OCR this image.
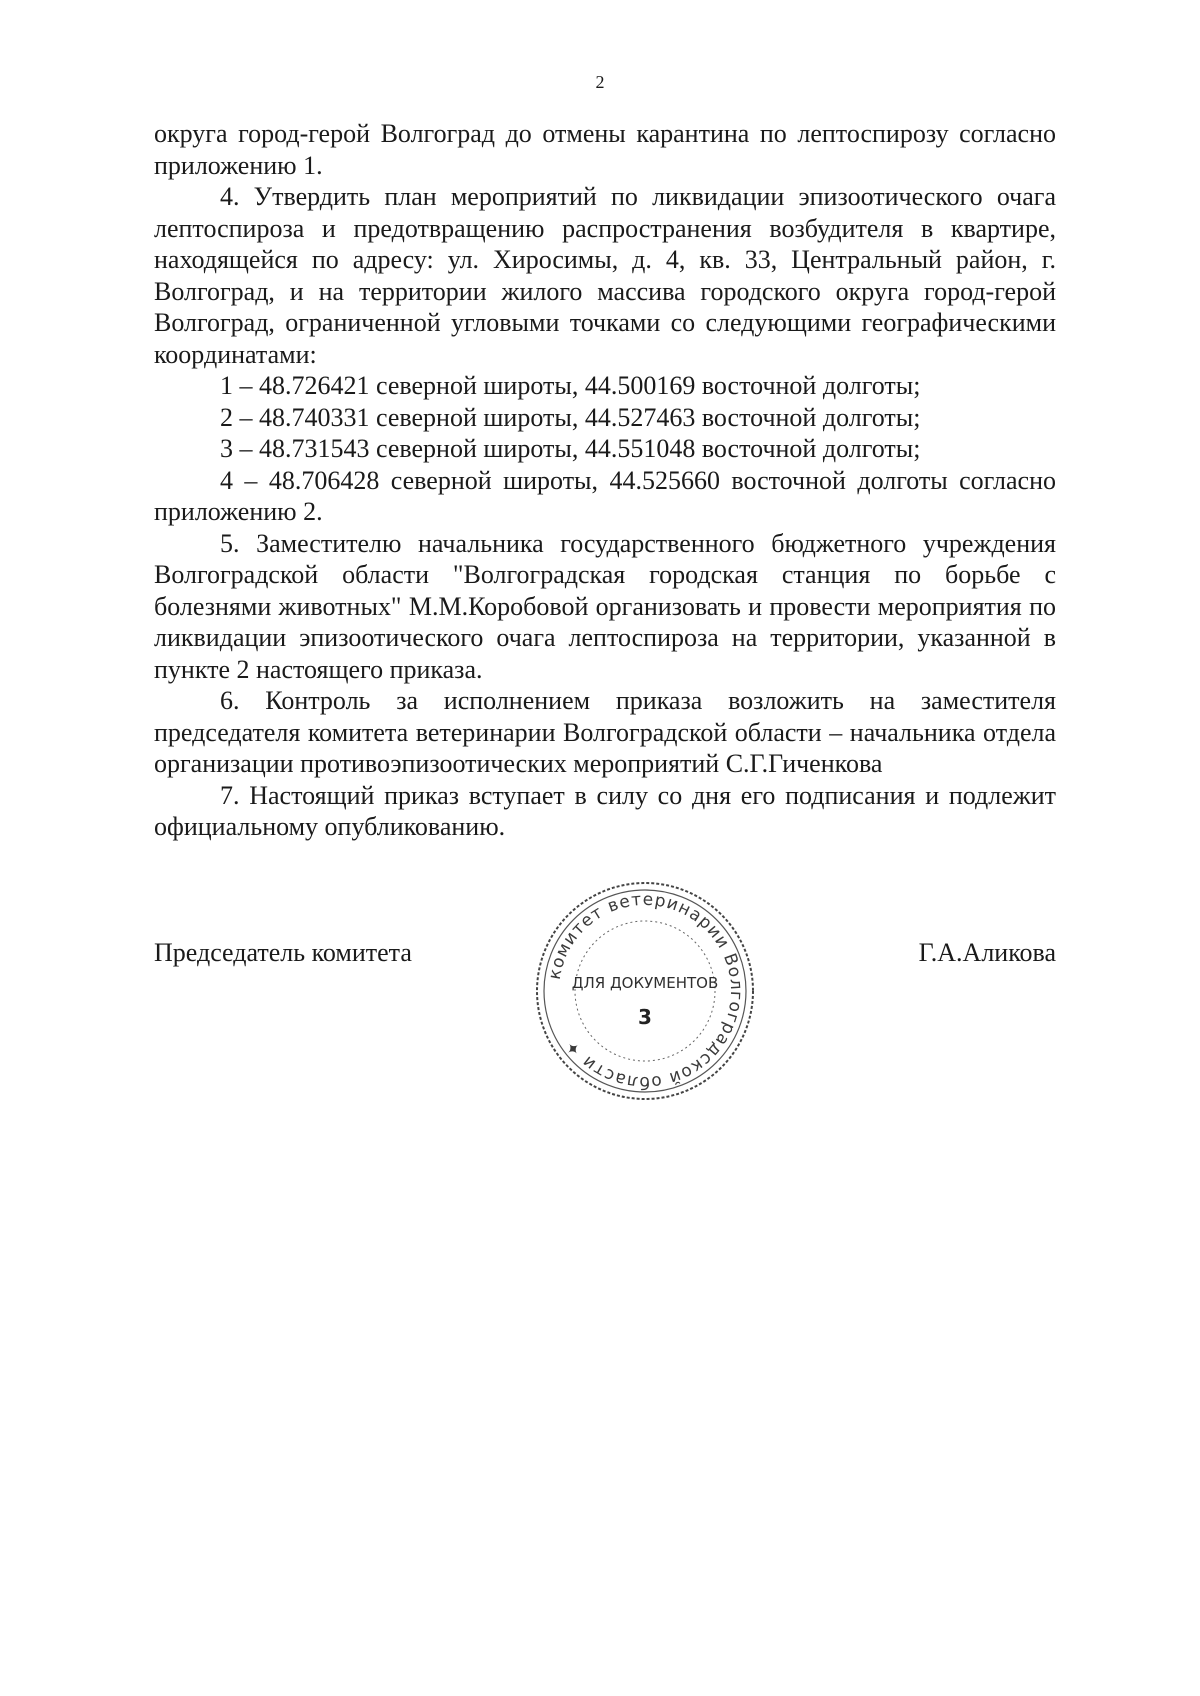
2

округа город-герой Волгоград до отмены карантина по лептоспирозу согласно приложению 1.

4. Утвердить план мероприятий по ликвидации эпизоотического очага лептоспироза и предотвращению распространения возбудителя в квартире, находящейся по адресу: ул. Хиросимы, д. 4, кв. 33, Центральный район, г. Волгоград, и на территории жилого массива городского округа город-герой Волгоград, ограниченной угловыми точками со следующими географическими координатами:

1 – 48.726421 северной широты, 44.500169 восточной долготы;

2 – 48.740331 северной широты, 44.527463 восточной долготы;

3 – 48.731543 северной широты, 44.551048 восточной долготы;

4 – 48.706428 северной широты, 44.525660 восточной долготы согласно приложению 2.

5. Заместителю начальника государственного бюджетного учреждения Волгоградской области "Волгоградская городская станция по борьбе с болезнями животных" М.М.Коробовой организовать и провести мероприятия по ликвидации эпизоотического очага лептоспироза на территории, указанной в пункте 2 настоящего приказа.

6. Контроль за исполнением приказа возложить на заместителя председателя комитета ветеринарии Волгоградской области – начальника отдела организации противоэпизоотических мероприятий С.Г.Гиченкова

7. Настоящий приказ вступает в силу со дня его подписания и подлежит официальному опубликованию.

Председатель комитета	Г.А.Аликова
комитет ветеринарии Волгоградской области ✦
ДЛЯ ДОКУМЕНТОВ
3
